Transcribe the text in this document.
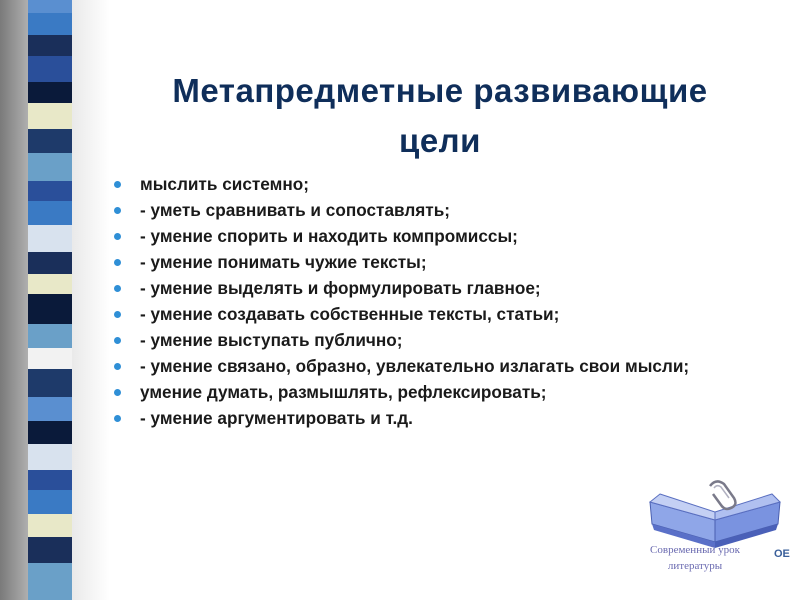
Метапредметные развивающие
цели
мыслить системно;
- уметь сравнивать и сопоставлять;
- умение спорить и находить компромиссы;
- умение понимать чужие тексты;
- умение выделять и формулировать главное;
- умение создавать собственные тексты, статьи;
- умение выступать публично;
- умение связано, образно, увлекательно излагать свои мысли;
умение думать, размышлять, рефлексировать;
- умение аргументировать и т.д.
Современный урок
литературы
OE
